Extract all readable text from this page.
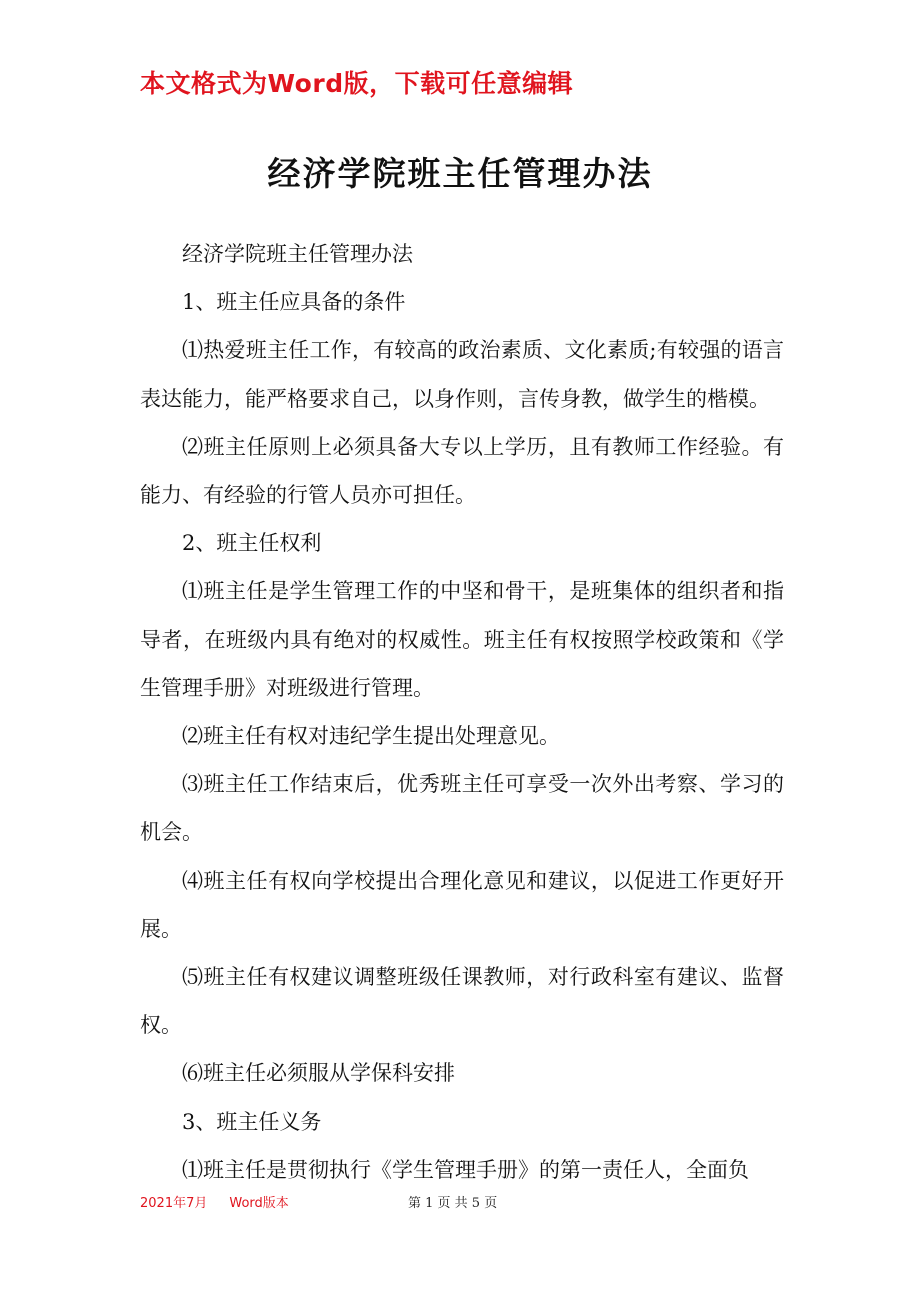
本文格式为Word版，下载可任意编辑
经济学院班主任管理办法

经济学院班主任管理办法

1、班主任应具备的条件

⑴热爱班主任工作，有较高的政治素质、文化素质;有较强的语言表达能力，能严格要求自己，以身作则，言传身教，做学生的楷模。

⑵班主任原则上必须具备大专以上学历，且有教师工作经验。有能力、有经验的行管人员亦可担任。

2、班主任权利

⑴班主任是学生管理工作的中坚和骨干，是班集体的组织者和指导者，在班级内具有绝对的权威性。班主任有权按照学校政策和《学生管理手册》对班级进行管理。

⑵班主任有权对违纪学生提出处理意见。

⑶班主任工作结束后，优秀班主任可享受一次外出考察、学习的机会。

⑷班主任有权向学校提出合理化意见和建议，以促进工作更好开展。

⑸班主任有权建议调整班级任课教师，对行政科室有建议、监督权。

⑹班主任必须服从学保科安排

3、班主任义务

⑴班主任是贯彻执行《学生管理手册》的第一责任人，全面负

2021年7月 Word版本	第 1 页 共 5 页
